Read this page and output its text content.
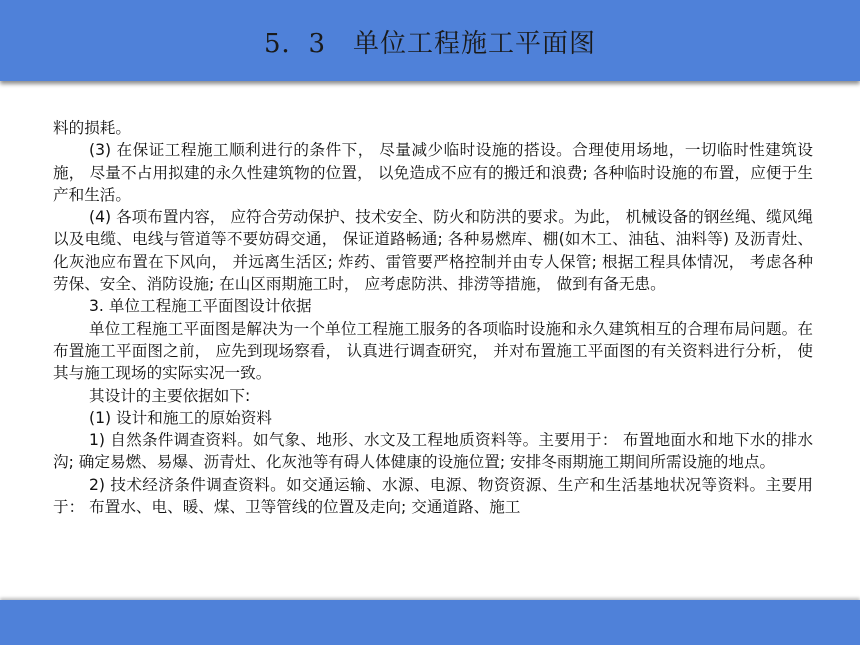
5．3　单位工程施工平面图

料的损耗。

(3) 在保证工程施工顺利进行的条件下， 尽量减少临时设施的搭设。合理使用场地，一切临时性建筑设施， 尽量不占用拟建的永久性建筑物的位置， 以免造成不应有的搬迁和浪费; 各种临时设施的布置，应便于生产和生活。

(4) 各项布置内容， 应符合劳动保护、技术安全、防火和防洪的要求。为此， 机械设备的钢丝绳、缆风绳以及电缆、电线与管道等不要妨碍交通， 保证道路畅通; 各种易燃库、棚(如木工、油毡、油料等) 及沥青灶、化灰池应布置在下风向， 并远离生活区; 炸药、雷管要严格控制并由专人保管; 根据工程具体情况， 考虑各种劳保、安全、消防设施; 在山区雨期施工时， 应考虑防洪、排涝等措施， 做到有备无患。

3. 单位工程施工平面图设计依据

单位工程施工平面图是解决为一个单位工程施工服务的各项临时设施和永久建筑相互的合理布局问题。在布置施工平面图之前， 应先到现场察看， 认真进行调查研究， 并对布置施工平面图的有关资料进行分析， 使其与施工现场的实际实况一致。

其设计的主要依据如下:

(1) 设计和施工的原始资料

1) 自然条件调查资料。如气象、地形、水文及工程地质资料等。主要用于： 布置地面水和地下水的排水沟; 确定易燃、易爆、沥青灶、化灰池等有碍人体健康的设施位置; 安排冬雨期施工期间所需设施的地点。

2) 技术经济条件调查资料。如交通运输、水源、电源、物资资源、生产和生活基地状况等资料。主要用于： 布置水、电、暖、煤、卫等管线的位置及走向; 交通道路、施工
